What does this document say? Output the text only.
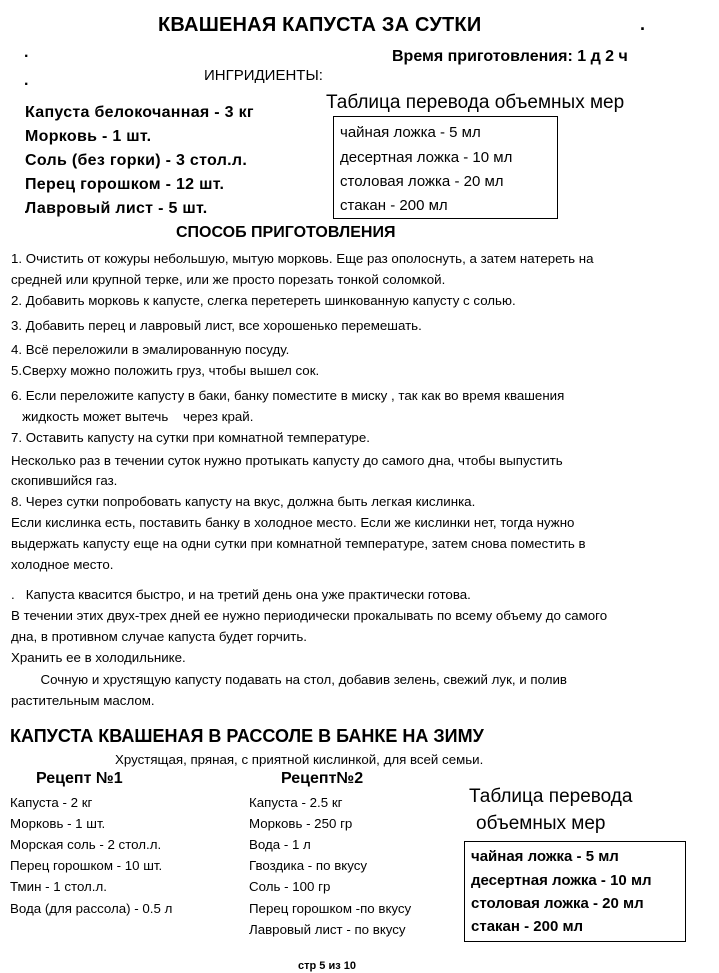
КВАШЕНАЯ КАПУСТА ЗА СУТКИ	.
.	Время приготовления: 1 д 2 ч
.	ИНГРИДИЕНТЫ:
Капуста белокочанная - 3 кг
Морковь - 1 шт.
Соль (без горки) - 3 стол.л.
Перец горошком - 12 шт.
Лавровый лист - 5 шт.
Таблица перевода объемных мер
чайная ложка - 5 мл
десертная ложка - 10 мл
столовая ложка - 20 мл
стакан - 200 мл
СПОСОБ ПРИГОТОВЛЕНИЯ
1. Очистить от кожуры небольшую, мытую морковь. Еще раз ополоснуть, а затем натереть на
средней или крупной терке, или же просто порезать тонкой соломкой.
2. Добавить морковь к капусте, слегка перетереть шинкованную капусту с солью.
3. Добавить перец и лавровый лист, все хорошенько перемешать.
4. Всё переложили в эмалированную посуду.
5.Сверху можно положить груз, чтобы вышел сок.
6. Если переложите капусту в баки, банку поместите в миску , так как во время квашения
жидкость может вытечь    через край.
7. Оставить капусту на сутки при комнатной температуре.
Несколько раз в течении суток нужно протыкать капусту до самого дна, чтобы выпустить
скопившийся газ.
8. Через сутки попробовать капусту на вкус, должна быть легкая кислинка.
Если кислинка есть, поставить банку в холодное место. Если же кислинки нет, тогда нужно
выдержать капусту еще на одни сутки при комнатной температуре, затем снова поместить в
холодное место.
.   Капуста квасится быстро, и на третий день она уже практически готова.
В течении этих двух-трех дней ее нужно периодически прокалывать по всему объему до самого
дна, в противном случае капуста будет горчить.
Хранить ее в холодильнике.
Сочную и хрустящую капусту подавать на стол, добавив зелень, свежий лук, и полив
растительным маслом.
КАПУСТА КВАШЕНАЯ В РАССОЛЕ В БАНКЕ НА ЗИМУ
Хрустящая, пряная, с приятной кислинкой, для всей семьи.
Рецепт №1
Капуста - 2 кг
Морковь - 1 шт.
Морская соль - 2 стол.л.
Перец горошком - 10 шт.
Тмин - 1 стол.л.
Вода (для рассола) - 0.5 л
Рецепт№2
Капуста - 2.5 кг
Морковь - 250 гр
Вода - 1 л
Гвоздика - по вкусу
Соль - 100 гр
Перец горошком -по вкусу
Лавровый лист - по вкусу
Таблица перевода
объемных мер
чайная ложка - 5 мл
десертная ложка - 10 мл
столовая ложка - 20 мл
стакан - 200 мл
стр 5 из 10
